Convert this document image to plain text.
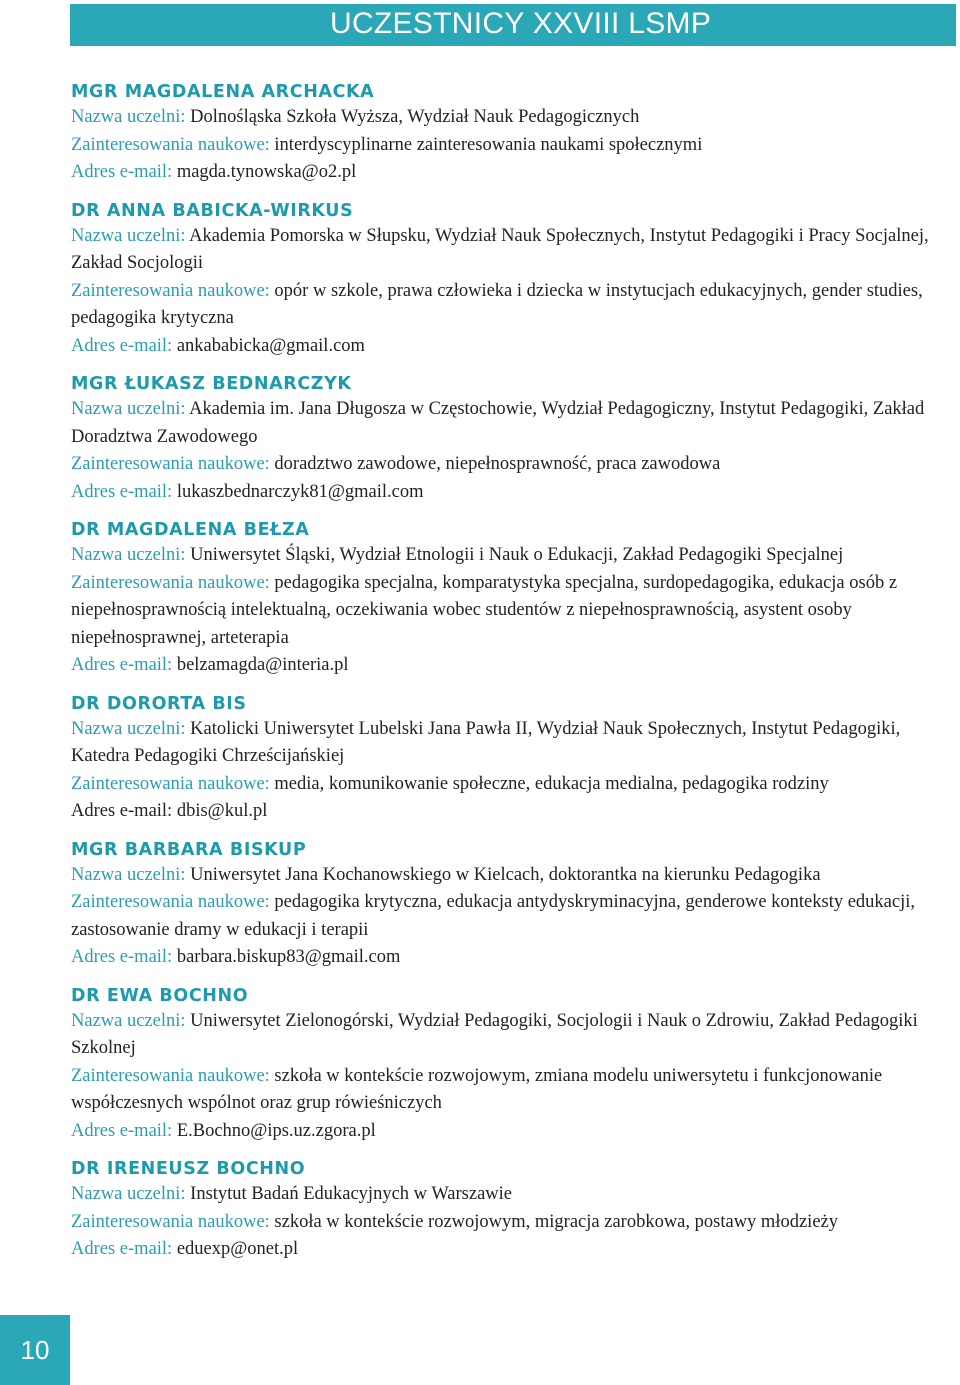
UCZESTNICY XXVIII LSMP

MGR MAGDALENA ARCHACKA

Nazwa uczelni: Dolnośląska Szkoła Wyższa, Wydział Nauk Pedagogicznych

Zainteresowania naukowe: interdyscyplinarne zainteresowania naukami społecznymi

Adres e-mail: magda.tynowska@o2.pl

DR ANNA BABICKA-WIRKUS

Nazwa uczelni: Akademia Pomorska w Słupsku, Wydział Nauk Społecznych, Instytut Pedagogiki i Pracy Socjalnej, Zakład Socjologii

Zainteresowania naukowe: opór w szkole, prawa człowieka i dziecka w instytucjach edukacyjnych, gender studies, pedagogika krytyczna

Adres e-mail: ankababicka@gmail.com

MGR ŁUKASZ BEDNARCZYK

Nazwa uczelni: Akademia im. Jana Długosza w Częstochowie, Wydział Pedagogiczny, Instytut Pedagogiki, Zakład Doradztwa Zawodowego

Zainteresowania naukowe: doradztwo zawodowe, niepełnosprawność, praca zawodowa

Adres e-mail: lukaszbednarczyk81@gmail.com

DR MAGDALENA BEŁZA

Nazwa uczelni: Uniwersytet Śląski, Wydział Etnologii i Nauk o Edukacji, Zakład Pedagogiki Specjalnej

Zainteresowania naukowe: pedagogika specjalna, komparatystyka specjalna, surdopedagogika, edukacja osób z niepełnosprawnością intelektualną, oczekiwania wobec studentów z niepełnosprawnością, asystent osoby niepełnosprawnej, arteterapia

Adres e-mail: belzamagda@interia.pl

DR DORORTA BIS

Nazwa uczelni: Katolicki Uniwersytet Lubelski Jana Pawła II, Wydział Nauk Społecznych, Instytut Pedagogiki, Katedra Pedagogiki Chrześcijańskiej

Zainteresowania naukowe: media, komunikowanie społeczne, edukacja medialna, pedagogika rodziny

Adres e-mail: dbis@kul.pl

MGR BARBARA BISKUP

Nazwa uczelni: Uniwersytet Jana Kochanowskiego w Kielcach, doktorantka na kierunku Pedagogika

Zainteresowania naukowe: pedagogika krytyczna, edukacja antydyskryminacyjna, genderowe konteksty edukacji, zastosowanie dramy w edukacji i terapii

Adres e-mail: barbara.biskup83@gmail.com

DR EWA BOCHNO

Nazwa uczelni: Uniwersytet Zielonogórski, Wydział Pedagogiki, Socjologii i Nauk o Zdrowiu, Zakład Pedagogiki Szkolnej

Zainteresowania naukowe: szkoła w kontekście rozwojowym, zmiana modelu uniwersytetu i funkcjonowanie współczesnych wspólnot oraz grup rówieśniczych

Adres e-mail: E.Bochno@ips.uz.zgora.pl

DR IRENEUSZ BOCHNO

Nazwa uczelni: Instytut Badań Edukacyjnych w Warszawie

Zainteresowania naukowe: szkoła w kontekście rozwojowym, migracja zarobkowa, postawy młodzieży

Adres e-mail: eduexp@onet.pl

10
